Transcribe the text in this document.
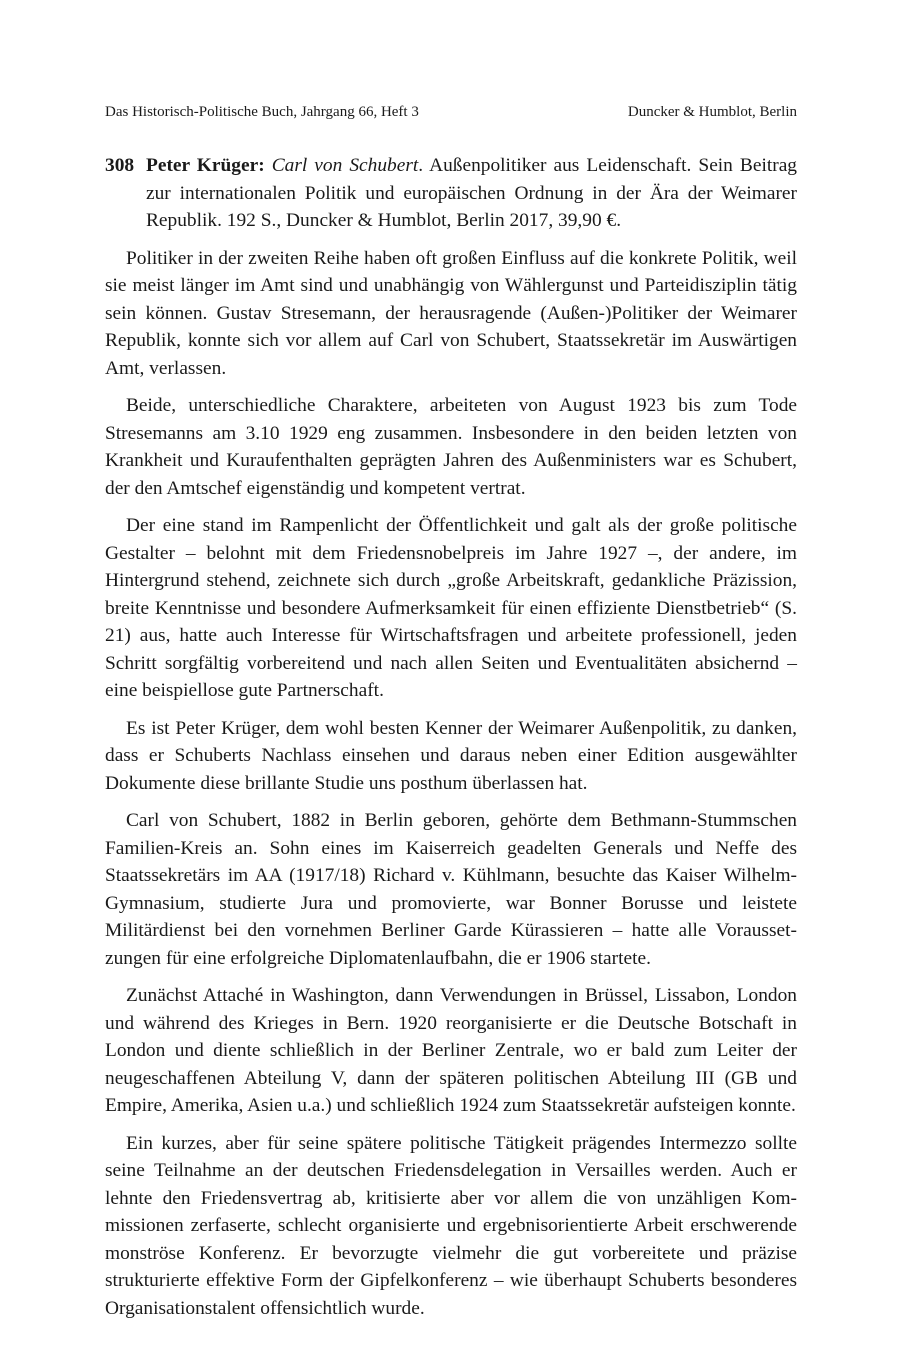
Das Historisch-Politische Buch, Jahrgang 66, Heft 3	Duncker & Humblot, Berlin
308 Peter Krüger: Carl von Schubert. Außenpolitiker aus Leidenschaft. Sein Beitrag zur internationalen Politik und europäischen Ordnung in der Ära der Weimarer Republik. 192 S., Duncker & Humblot, Berlin 2017, 39,90 €.

Politiker in der zweiten Reihe haben oft großen Einfluss auf die konkrete Politik, weil sie meist länger im Amt sind und unabhängig von Wählergunst und Parteidisziplin tätig sein können. Gustav Stresemann, der herausragende (Außen-)Politiker der Weimarer Republik, konnte sich vor allem auf Carl von Schubert, Staatssekretär im Auswärtigen Amt, verlassen.

Beide, unterschiedliche Charaktere, arbeiteten von August 1923 bis zum Tode Stresemanns am 3.10 1929 eng zusammen. Insbesondere in den beiden letzten von Krankheit und Kuraufenthalten geprägten Jahren des Außenministers war es Schubert, der den Amtschef eigenständig und kompetent vertrat.

Der eine stand im Rampenlicht der Öffentlichkeit und galt als der große politische Gestalter – belohnt mit dem Friedensnobelpreis im Jahre 1927 –, der andere, im Hintergrund stehend, zeichnete sich durch „große Arbeitskraft, gedankliche Präzission, breite Kenntnisse und besondere Aufmerksamkeit für einen effiziente Dienstbetrieb“ (S. 21) aus, hatte auch Interesse für Wirtschaftsfragen und arbeitete professionell, jeden Schritt sorgfältig vorbereitend und nach allen Seiten und Eventualitäten absichernd – eine beispiellose gute Partnerschaft.

Es ist Peter Krüger, dem wohl besten Kenner der Weimarer Außenpolitik, zu danken, dass er Schuberts Nachlass einsehen und daraus neben einer Edition ausgewählter Dokumente diese brillante Studie uns posthum überlassen hat.

Carl von Schubert, 1882 in Berlin geboren, gehörte dem Bethmann-Stummschen Familien-Kreis an. Sohn eines im Kaiserreich geadelten Generals und Neffe des Staatssekretärs im AA (1917/18) Richard v. Kühlmann, besuchte das Kaiser Wilhelm-Gymnasium, studierte Jura und promovierte, war Bonner Borusse und leistete Militärdienst bei den vornehmen Berliner Garde Kürassieren – hatte alle Voraussetzungen für eine erfolgreiche Diplomatenlaufbahn, die er 1906 startete.

Zunächst Attaché in Washington, dann Verwendungen in Brüssel, Lissabon, London und während des Krieges in Bern. 1920 reorganisierte er die Deutsche Botschaft in London und diente schließlich in der Berliner Zentrale, wo er bald zum Leiter der neugeschaffenen Abteilung V, dann der späteren politischen Abteilung III (GB und Empire, Amerika, Asien u.a.) und schließlich 1924 zum Staatssekretär aufsteigen konnte.

Ein kurzes, aber für seine spätere politische Tätigkeit prägendes Intermezzo sollte seine Teilnahme an der deutschen Friedensdelegation in Versailles werden. Auch er lehnte den Friedensvertrag ab, kritisierte aber vor allem die von unzähligen Kommissionen zerfaserte, schlecht organisierte und ergebnisorientierte Arbeit erschwerende monströse Konferenz. Er bevorzugte vielmehr die gut vorbereitete und präzise strukturierte effektive Form der Gipfelkonferenz – wie überhaupt Schuberts besonderes Organisationstalent offensichtlich wurde.
